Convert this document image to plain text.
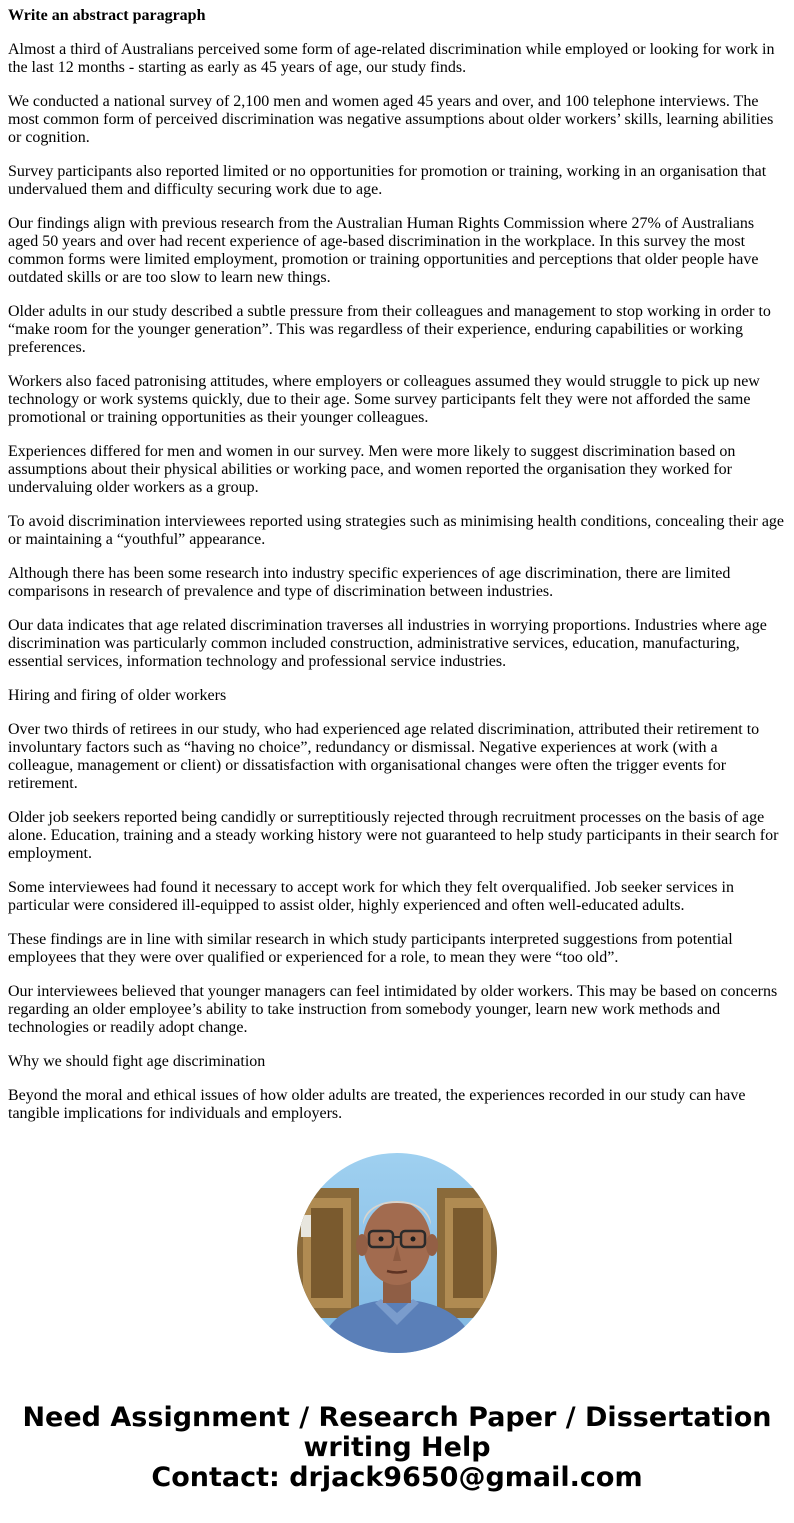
Write an abstract paragraph

Almost a third of Australians perceived some form of age-related discrimination while employed or looking for work in the last 12 months - starting as early as 45 years of age, our study finds.

We conducted a national survey of 2,100 men and women aged 45 years and over, and 100 telephone interviews. The most common form of perceived discrimination was negative assumptions about older workers’ skills, learning abilities or cognition.

Survey participants also reported limited or no opportunities for promotion or training, working in an organisation that undervalued them and difficulty securing work due to age.

Our findings align with previous research from the Australian Human Rights Commission where 27% of Australians aged 50 years and over had recent experience of age-based discrimination in the workplace. In this survey the most common forms were limited employment, promotion or training opportunities and perceptions that older people have outdated skills or are too slow to learn new things.

Older adults in our study described a subtle pressure from their colleagues and management to stop working in order to “make room for the younger generation”. This was regardless of their experience, enduring capabilities or working preferences.

Workers also faced patronising attitudes, where employers or colleagues assumed they would struggle to pick up new technology or work systems quickly, due to their age. Some survey participants felt they were not afforded the same promotional or training opportunities as their younger colleagues.

Experiences differed for men and women in our survey. Men were more likely to suggest discrimination based on assumptions about their physical abilities or working pace, and women reported the organisation they worked for undervaluing older workers as a group.

To avoid discrimination interviewees reported using strategies such as minimising health conditions, concealing their age or maintaining a “youthful” appearance.

Although there has been some research into industry specific experiences of age discrimination, there are limited comparisons in research of prevalence and type of discrimination between industries.

Our data indicates that age related discrimination traverses all industries in worrying proportions. Industries where age discrimination was particularly common included construction, administrative services, education, manufacturing, essential services, information technology and professional service industries.

Hiring and firing of older workers

Over two thirds of retirees in our study, who had experienced age related discrimination, attributed their retirement to involuntary factors such as “having no choice”, redundancy or dismissal. Negative experiences at work (with a colleague, management or client) or dissatisfaction with organisational changes were often the trigger events for retirement.

Older job seekers reported being candidly or surreptitiously rejected through recruitment processes on the basis of age alone. Education, training and a steady working history were not guaranteed to help study participants in their search for employment.

Some interviewees had found it necessary to accept work for which they felt overqualified. Job seeker services in particular were considered ill-equipped to assist older, highly experienced and often well-educated adults.

These findings are in line with similar research in which study participants interpreted suggestions from potential employees that they were over qualified or experienced for a role, to mean they were “too old”.

Our interviewees believed that younger managers can feel intimidated by older workers. This may be based on concerns regarding an older employee’s ability to take instruction from somebody younger, learn new work methods and technologies or readily adopt change.

Why we should fight age discrimination

Beyond the moral and ethical issues of how older adults are treated, the experiences recorded in our study can have tangible implications for individuals and employers.

Need Assignment / Research Paper / Dissertation
writing Help
Contact: drjack9650@gmail.com
